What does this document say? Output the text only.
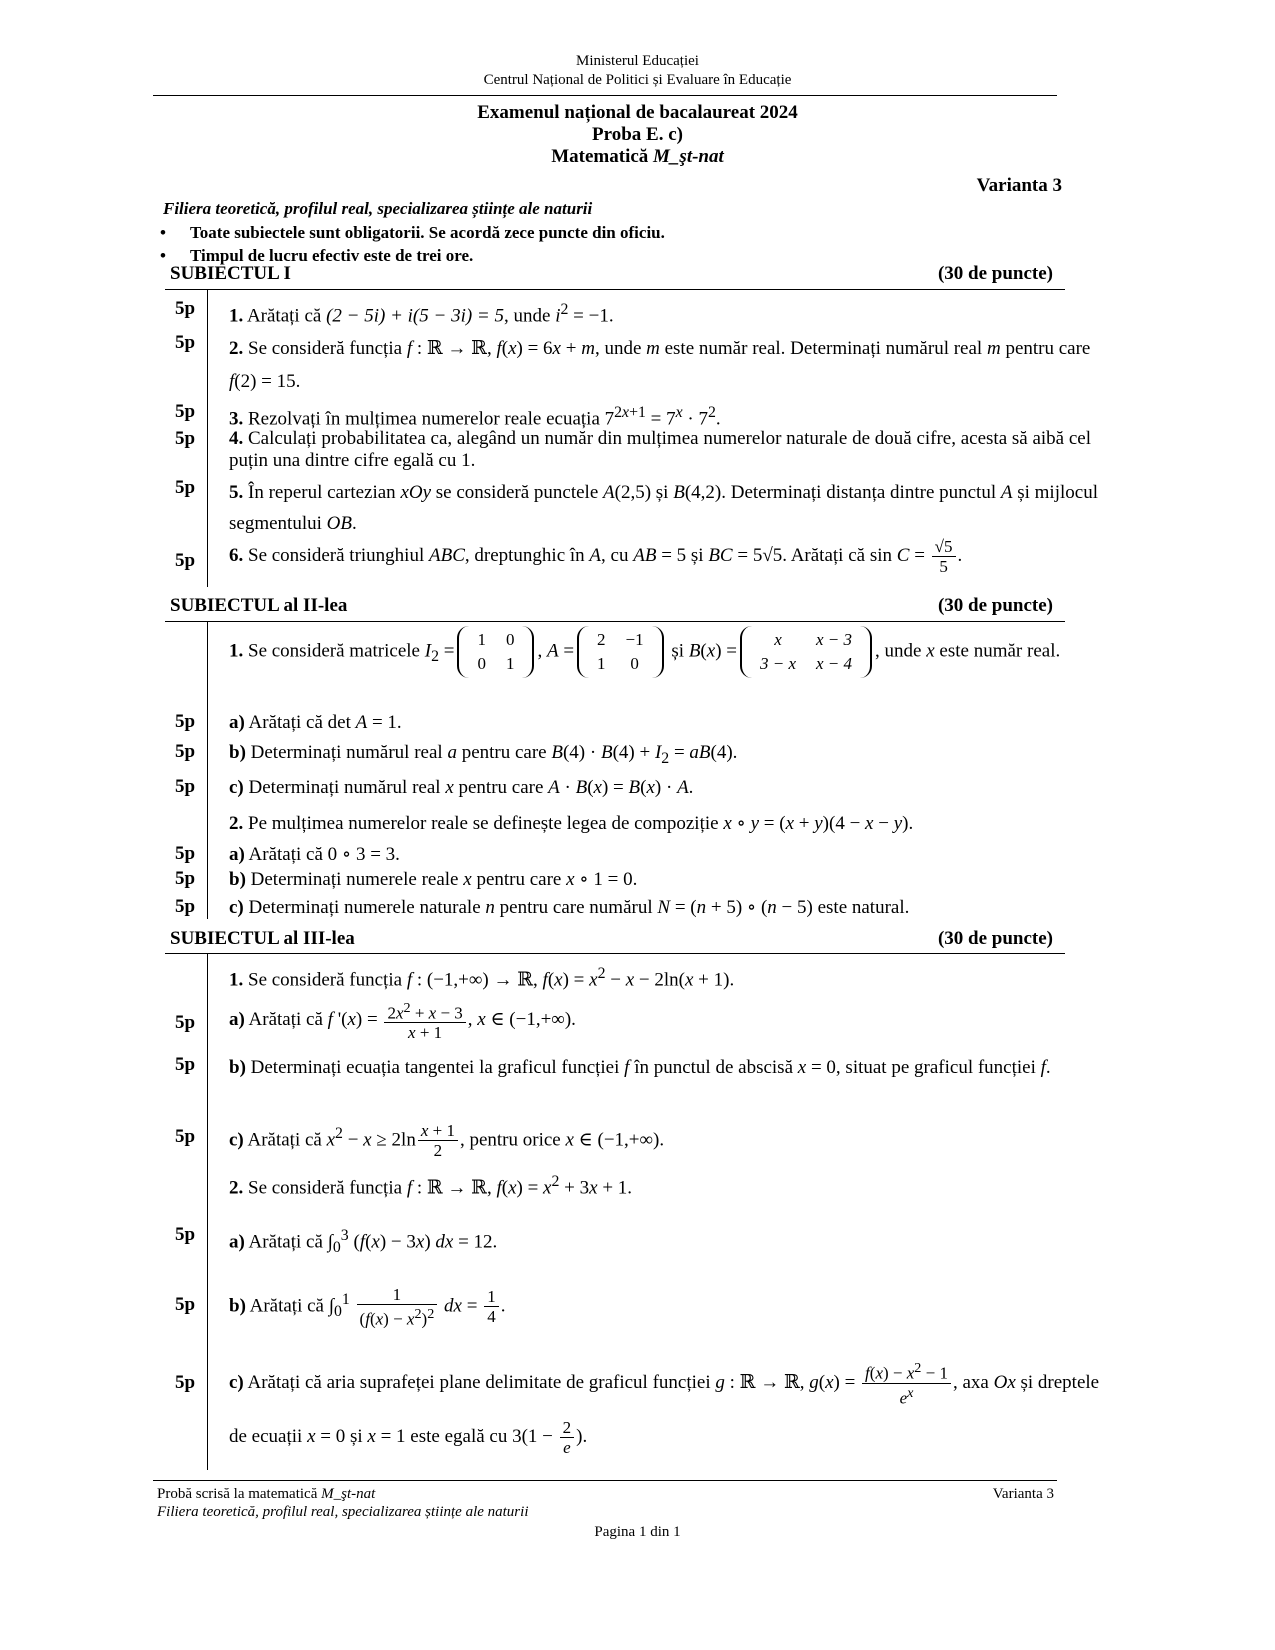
Ministerul Educației
Centrul Național de Politici și Evaluare în Educație
Examenul național de bacalaureat 2024
Proba E. c)
Matematică M_şt-nat
Varianta 3
Filiera teoretică, profilul real, specializarea științe ale naturii
• Toate subiectele sunt obligatorii. Se acordă zece puncte din oficiu.
• Timpul de lucru efectiv este de trei ore.
SUBIECTUL I	(30 de puncte)
5p	1. Arătați că (2 − 5i) + i(5 − 3i) = 5, unde $i^2 = -1$.
5p	2. Se consideră funcția f : ℝ → ℝ, f(x) = 6x + m, unde m este număr real. Determinați numărul real m pentru care f(2) = 15.
5p	3. Rezolvați în mulțimea numerelor reale ecuația $7^{2x+1} = 7^x \cdot 7^2$.
5p	4. Calculați probabilitatea ca, alegând un număr din mulțimea numerelor naturale de două cifre, acesta să aibă cel puțin una dintre cifre egală cu 1.
5p	5. În reperul cartezian xOy se consideră punctele A(2,5) și B(4,2). Determinați distanța dintre punctul A și mijlocul segmentului OB.
5p	6. Se consideră triunghiul ABC, dreptunghic în A, cu AB = 5 și BC = 5√5. Arătați că $\sin C = \frac{√5}{5}$ .
SUBIECTUL al II-lea	(30 de puncte)
1. Se consideră matricele $I_2$ =
1	0
0	1
, A =
2	−1
1	0
și B(x) =
x	x − 3
3 − x	x − 4
, unde x este număr real.
5p	a) Arătați că det A = 1.
5p	b) Determinați numărul real a pentru care $B(4) \cdot B(4) + I_2 = aB(4)$.
5p	c) Determinați numărul real x pentru care A · B(x) = B(x) · A.
2. Pe mulțimea numerelor reale se definește legea de compoziție x ∘ y = (x + y)(4 − x − y).
5p	a) Arătați că 0 ∘ 3 = 3.
5p	b) Determinați numerele reale x pentru care x ∘ 1 = 0.
5p	c) Determinați numerele naturale n pentru care numărul N = (n + 5) ∘ (n − 5) este natural.
SUBIECTUL al III-lea	(30 de puncte)
1. Se consideră funcția f : (−1,+∞) → ℝ, $f(x) = x^2 - x - 2\ln(x + 1)$.
5p	a) Arătați că f '$(x) = \frac{2x^2 + x - 3}{x + 1}$ , x ∈ (−1,+∞).
5p	b) Determinați ecuația tangentei la graficul funcției f în punctul de abscisă x = 0, situat pe graficul funcției f.
5p	c) Arătați că $x^2 - x \ge 2\ln \frac{x + 1}{2}$ , pentru orice x ∈ (−1,+∞).
2. Se consideră funcția f : ℝ → ℝ, $f(x) = x^2 + 3x + 1$.
5p	a) Arătați că $\int_0^3$ (f(x) − 3x) dx = 12.
5p	b) Arătați că $\int_0^1 \frac{1}{(f(x) - x^2)^2}$ dx = $\frac{1}{4}$ .
5p	c) Arătați că aria suprafeței plane delimitate de graficul funcției g : ℝ → ℝ, $g(x) = \frac{f(x) - x^2 - 1}{e^x}$ , axa Ox și dreptele de ecuații x = 0 și x = 1 este egală cu $3(1 - \frac{2}{e}$ ).
Probă scrisă la matematică M_şt-nat
Filiera teoretică, profilul real, specializarea științe ale naturii
Varianta 3
Pagina 1 din 1
